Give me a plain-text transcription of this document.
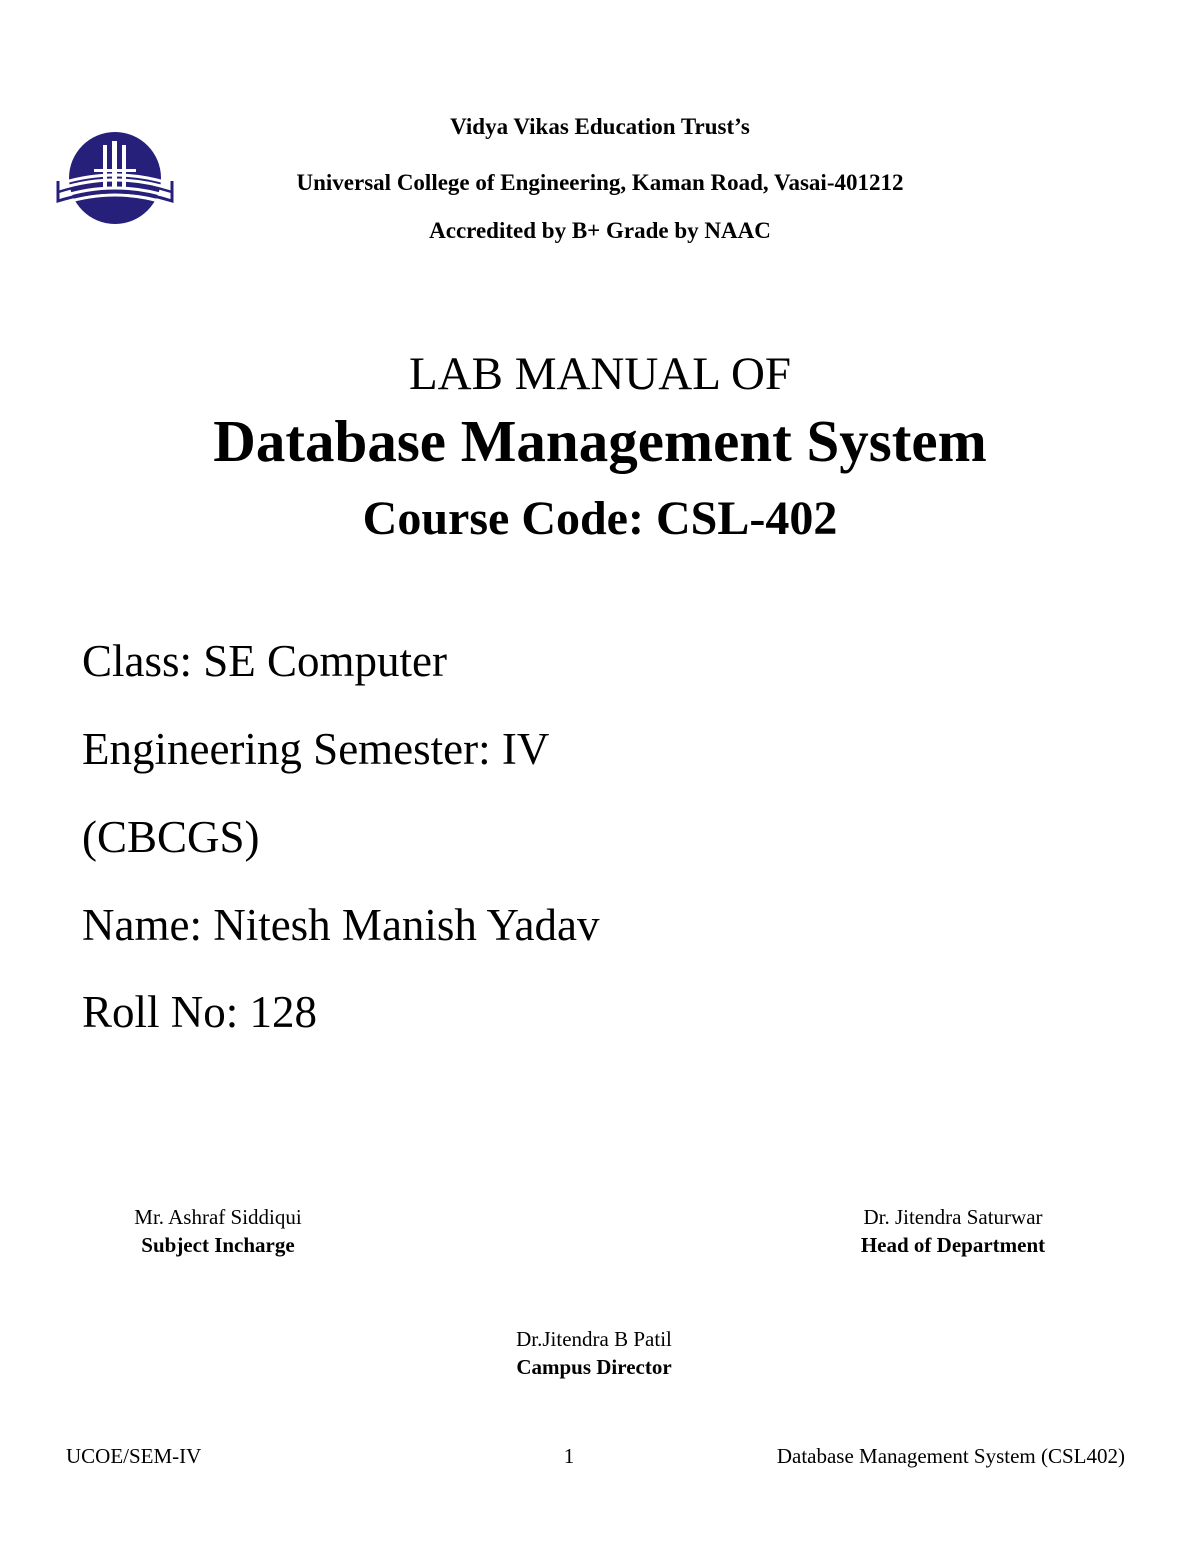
Vidya Vikas Education Trust’s
Universal College of Engineering, Kaman Road, Vasai-401212
Accredited by B+ Grade by NAAC
LAB MANUAL OF
Database Management System
Course Code: CSL-402
Class: SE Computer
Engineering Semester: IV
(CBCGS)
Name: Nitesh Manish Yadav
Roll No: 128
Mr. Ashraf Siddiqui
Subject Incharge
Dr. Jitendra Saturwar
Head of Department
Dr.Jitendra B Patil
Campus Director
UCOE/SEM-IV	1	Database Management System (CSL402)
